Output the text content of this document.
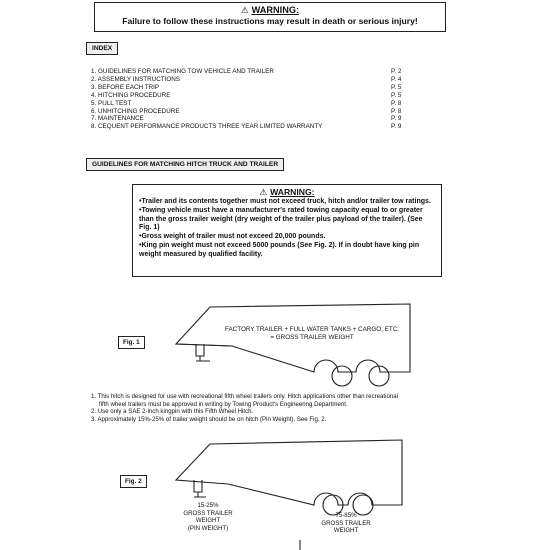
⚠ WARNING:
Failure to follow these instructions may result in death or serious injury!
INDEX
1. GUIDELINES FOR MATCHING TOW VEHICLE AND TRAILER	P. 2
2. ASSEMBLY INSTRUCTIONS	P. 4
3. BEFORE EACH TRIP	P. 5
4. HITCHING PROCEDURE	P. 5
5. PULL TEST	P. 8
6. UNHITCHING PROCEDURE	P. 8
7. MAINTENANCE	P. 9
8. CEQUENT PERFORMANCE PRODUCTS THREE YEAR LIMITED WARRANTY	P. 9
GUIDELINES FOR MATCHING HITCH TRUCK AND TRAILER
⚠ WARNING:
•Trailer and its contents together must not exceed truck, hitch and/or trailer tow ratings.
•Towing vehicle must have a manufacturer's rated towing capacity equal to or greater than the gross trailer weight (dry weight of the trailer plus payload of the trailer). (See Fig. 1)
•Gross weight of trailer must not exceed 20,000 pounds.
•King pin weight must not exceed 5000 pounds (See Fig. 2). If in doubt have king pin weight measured by qualified facility.
Fig. 1
FACTORY TRAILER + FULL WATER TANKS + CARGO, ETC.
= GROSS TRAILER WEIGHT
1. This hitch is designed for use with recreational fifth wheel trailers only. Hitch applications other than recreational
fifth wheel trailers must be approved in writing by Towing Product's Engineering Department.
2. Use only a SAE 2-inch kingpin with this Fifth Wheel Hitch.
3. Approximately 15%-25% of trailer weight should be on hitch (Pin Weight). See Fig. 2.
Fig. 2
15-25%
GROSS TRAILER
WEIGHT
(PIN WEIGHT)
75-85%
GROSS TRAILER
WEIGHT
